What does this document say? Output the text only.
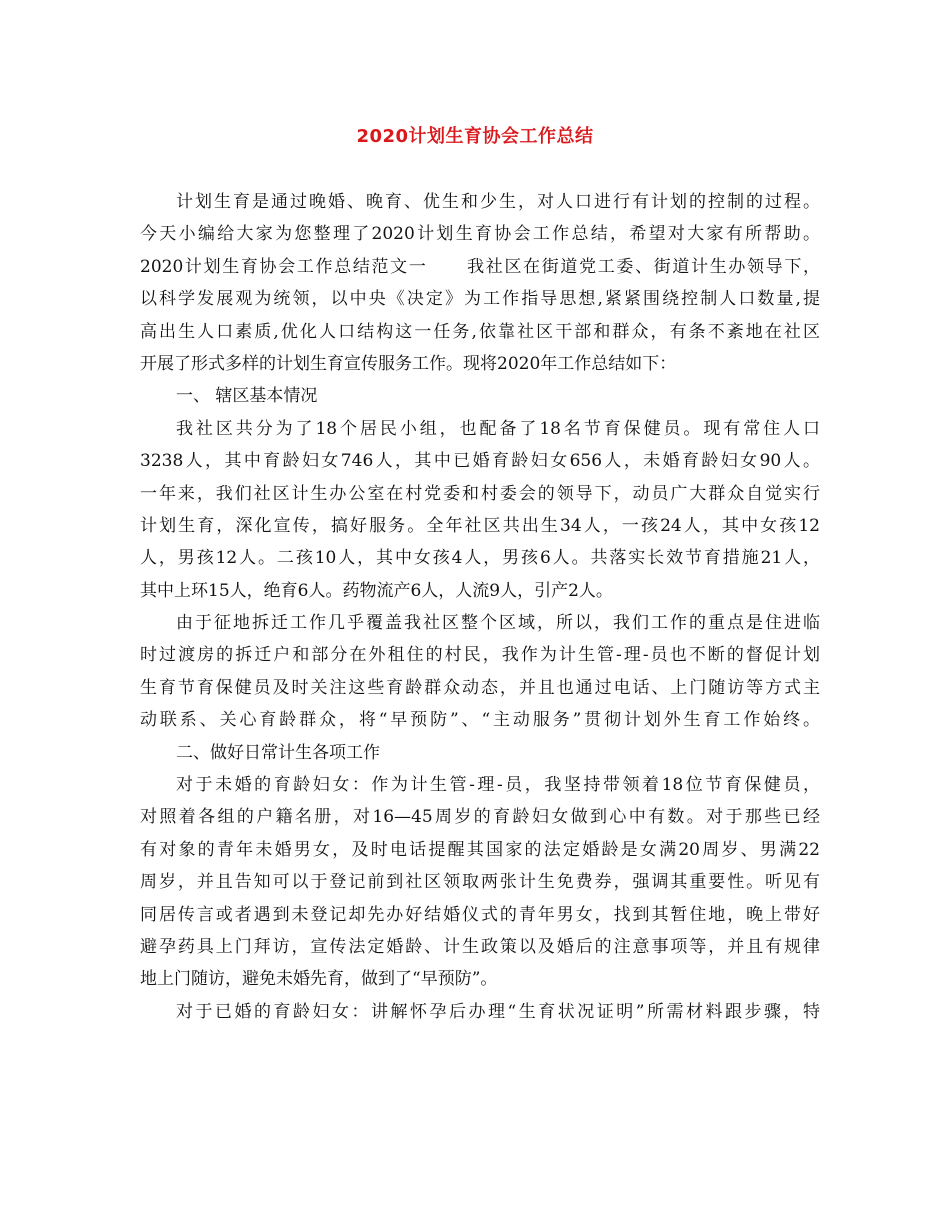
2020计划生育协会工作总结
计划生育是通过晚婚、晚育、优生和少生，对人口进行有计划的控制的过程。
今天小编给大家为您整理了2020计划生育协会工作总结，希望对大家有所帮助。
2020计划生育协会工作总结范文一 我社区在街道党工委、街道计生办领导下，
以科学发展观为统领，以中央《决定》为工作指导思想,紧紧围绕控制人口数量,提
高出生人口素质,优化人口结构这一任务,依靠社区干部和群众，有条不紊地在社区
开展了形式多样的计划生育宣传服务工作。现将2020年工作总结如下：
一、 辖区基本情况
我社区共分为了18个居民小组，也配备了18名节育保健员。现有常住人口
3238人，其中育龄妇女746人，其中已婚育龄妇女656人，未婚育龄妇女90人。
一年来，我们社区计生办公室在村党委和村委会的领导下，动员广大群众自觉实行
计划生育，深化宣传，搞好服务。全年社区共出生34人，一孩24人，其中女孩12
人，男孩12人。二孩10人，其中女孩4人，男孩6人。共落实长效节育措施21人，
其中上环15人，绝育6人。药物流产6人，人流9人，引产2人。
由于征地拆迁工作几乎覆盖我社区整个区域，所以，我们工作的重点是住进临
时过渡房的拆迁户和部分在外租住的村民，我作为计生管-理-员也不断的督促计划
生育节育保健员及时关注这些育龄群众动态，并且也通过电话、上门随访等方式主
动联系、关心育龄群众，将“早预防”、“主动服务”贯彻计划外生育工作始终。
二、做好日常计生各项工作
对于未婚的育龄妇女：作为计生管-理-员，我坚持带领着18位节育保健员，
对照着各组的户籍名册，对16—45周岁的育龄妇女做到心中有数。对于那些已经
有对象的青年未婚男女，及时电话提醒其国家的法定婚龄是女满20周岁、男满22
周岁，并且告知可以于登记前到社区领取两张计生免费券，强调其重要性。听见有
同居传言或者遇到未登记却先办好结婚仪式的青年男女，找到其暂住地，晚上带好
避孕药具上门拜访，宣传法定婚龄、计生政策以及婚后的注意事项等，并且有规律
地上门随访，避免未婚先育，做到了“早预防”。
对于已婚的育龄妇女：讲解怀孕后办理“生育状况证明”所需材料跟步骤，特
